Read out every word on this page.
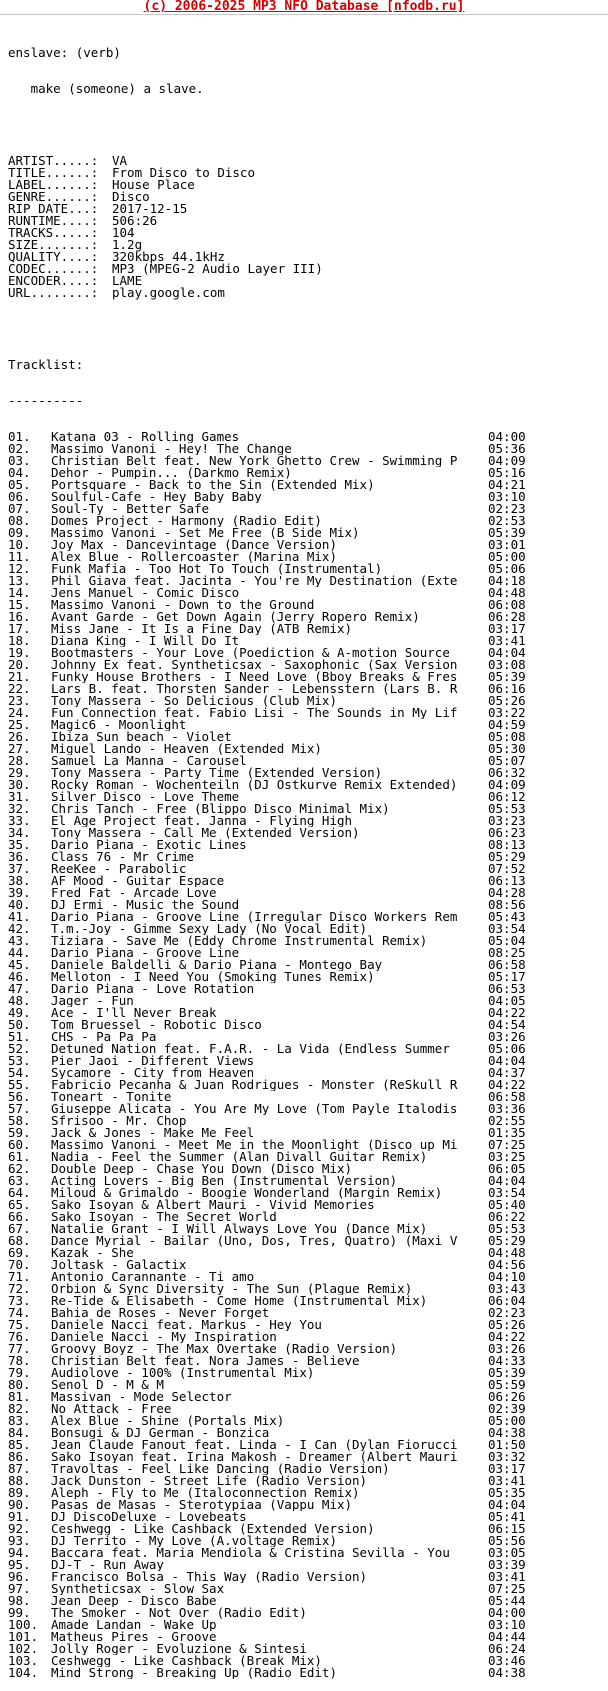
(c) 2006-2025 MP3 NFO Database [nfodb.ru]

enslave: (verb)

make (someone) a slave.

ARTIST.....:	VA
TITLE......:	From Disco to Disco
LABEL......:	House Place
GENRE......:	Disco
RIP DATE...:	2017-12-15
RUNTIME....:	506:26
TRACKS.....:	104
SIZE.......:	1.2g
QUALITY....:	320kbps 44.1kHz
CODEC......:	MP3 (MPEG-2 Audio Layer III)
ENCODER....:	LAME
URL........:	play.google.com

Tracklist:

----------

01.	Katana 03 - Rolling Games	04:00
02.	Massimo Vanoni - Hey! The Change	05:36
03.	Christian Belt feat. New York Ghetto Crew - Swimming P	04:09
04.	Dehor - Pumpin... (Darkmo Remix)	05:16
05.	Portsquare - Back to the Sin (Extended Mix)	04:21
06.	Soulful-Cafe - Hey Baby Baby	03:10
07.	Soul-Ty - Better Safe	02:23
08.	Domes Project - Harmony (Radio Edit)	02:53
09.	Massimo Vanoni - Set Me Free (B Side Mix)	05:39
10.	Joy Max - Dancevintage (Dance Version)	03:01
11.	Alex Blue - Rollercoaster (Marina Mix)	05:00
12.	Funk Mafia - Too Hot To Touch (Instrumental)	05:06
13.	Phil Giava feat. Jacinta - You're My Destination (Exte	04:18
14.	Jens Manuel - Comic Disco	04:48
15.	Massimo Vanoni - Down to the Ground	06:08
16.	Avant Garde - Get Down Again (Jerry Ropero Remix)	06:28
17.	Miss Jane - It Is a Fine Day (ATB Remix)	03:17
18.	Diana King - I Will Do It	03:41
19.	Bootmasters - Your Love (Poediction & A-motion Source	04:04
20.	Johnny Ex feat. Syntheticsax - Saxophonic (Sax Version	03:08
21.	Funky House Brothers - I Need Love (Bboy Breaks & Fres	05:39
22.	Lars B. feat. Thorsten Sander - Lebensstern (Lars B. R	06:16
23.	Tony Massera - So Delicious (Club Mix)	05:26
24.	Fun Connection feat. Fabio Lisi - The Sounds in My Lif	03:22
25.	Magic6 - Moonlight	04:59
26.	Ibiza Sun beach - Violet	05:08
27.	Miguel Lando - Heaven (Extended Mix)	05:30
28.	Samuel La Manna - Carousel	05:07
29.	Tony Massera - Party Time (Extended Version)	06:32
30.	Rocky Roman - Wochenteiln (DJ Ostkurve Remix Extended)	04:09
31.	Silver Disco - Love Theme	06:12
32.	Chris Tanch - Free (Blippo Disco Minimal Mix)	05:53
33.	El Age Project feat. Janna - Flying High	03:23
34.	Tony Massera - Call Me (Extended Version)	06:23
35.	Dario Piana - Exotic Lines	08:13
36.	Class 76 - Mr Crime	05:29
37.	ReeKee - Parabolic	07:52
38.	AF Mood - Guitar Espace	06:13
39.	Fred Fat - Arcade Love	04:28
40.	DJ Ermi - Music the Sound	08:56
41.	Dario Piana - Groove Line (Irregular Disco Workers Rem	05:43
42.	T.m.-Joy - Gimme Sexy Lady (No Vocal Edit)	03:54
43.	Tiziara - Save Me (Eddy Chrome Instrumental Remix)	05:04
44.	Dario Piana - Groove Line	08:25
45.	Daniele Baldelli & Dario Piana - Montego Bay	06:58
46.	Melloton - I Need You (Smoking Tunes Remix)	05:17
47.	Dario Piana - Love Rotation	06:53
48.	Jager - Fun	04:05
49.	Ace - I'll Never Break	04:22
50.	Tom Bruessel - Robotic Disco	04:54
51.	CHS - Pa Pa Pa	03:26
52.	Detuned Nation feat. F.A.R. - La Vida (Endless Summer	05:06
53.	Pier Jaoi - Different Views	04:04
54.	Sycamore - City from Heaven	04:37
55.	Fabricio Pecanha & Juan Rodrigues - Monster (ReSkull R	04:22
56.	Toneart - Tonite	06:58
57.	Giuseppe Alicata - You Are My Love (Tom Payle Italodis	03:36
58.	Sfrisoo - Mr. Chop	02:55
59.	Jack & Jones - Make Me Feel	01:35
60.	Massimo Vanoni - Meet Me in the Moonlight (Disco up Mi	07:25
61.	Nadia - Feel the Summer (Alan Divall Guitar Remix)	03:25
62.	Double Deep - Chase You Down (Disco Mix)	06:05
63.	Acting Lovers - Big Ben (Instrumental Version)	04:04
64.	Miloud & Grimaldo - Boogie Wonderland (Margin Remix)	03:54
65.	Sako Isoyan & Albert Mauri - Vivid Memories	05:40
66.	Sako Isoyan - The Secret World	06:22
67.	Natalie Grant - I Will Always Love You (Dance Mix)	05:53
68.	Dance Myrial - Bailar (Uno, Dos, Tres, Quatro) (Maxi V	05:29
69.	Kazak - She	04:48
70.	Joltask - Galactix	04:56
71.	Antonio Carannante - Ti amo	04:10
72.	Orbion & Sync Diversity - The Sun (Plague Remix)	03:43
73.	Re-Tide & Elisabeth - Come Home (Instrumental Mix)	06:04
74.	Bahia de Roses - Never Forget	02:23
75.	Daniele Nacci feat. Markus - Hey You	05:26
76.	Daniele Nacci - My Inspiration	04:22
77.	Groovy Boyz - The Max Overtake (Radio Version)	03:26
78.	Christian Belt feat. Nora James - Believe	04:33
79.	Audiolove - 100% (Instrumental Mix)	05:39
80.	Senol D - M & M	05:59
81.	Massivan - Mode Selector	06:26
82.	No Attack - Free	02:39
83.	Alex Blue - Shine (Portals Mix)	05:00
84.	Bonsugi & DJ German - Bonzica	04:38
85.	Jean Claude Fanout feat. Linda - I Can (Dylan Fiorucci	01:50
86.	Sako Isoyan feat. Irina Makosh - Dreamer (Albert Mauri	03:32
87.	Travoltas - Feel Like Dancing (Radio Version)	03:17
88.	Jack Dunston - Street Life (Radio Version)	03:41
89.	Aleph - Fly to Me (Italoconnection Remix)	05:35
90.	Pasas de Masas - Sterotypiaa (Vappu Mix)	04:04
91.	DJ DiscoDeluxe - Lovebeats	05:41
92.	Ceshwegg - Like Cashback (Extended Version)	06:15
93.	DJ Territo - My Love (A.voltage Remix)	05:56
94.	Baccara feat. Maria Mendiola & Cristina Sevilla - You	03:05
95.	DJ-T - Run Away	03:39
96.	Francisco Bolsa - This Way (Radio Version)	03:41
97.	Syntheticsax - Slow Sax	07:25
98.	Jean Deep - Disco Babe	05:44
99.	The Smoker - Not Over (Radio Edit)	04:00
100.	Amade Landan - Wake Up	03:10
101.	Matheus Pires - Groove	04:44
102.	Jolly Roger - Evoluzione & Sintesi	06:24
103.	Ceshwegg - Like Cashback (Break Mix)	03:46
104.	Mind Strong - Breaking Up (Radio Edit)	04:38
